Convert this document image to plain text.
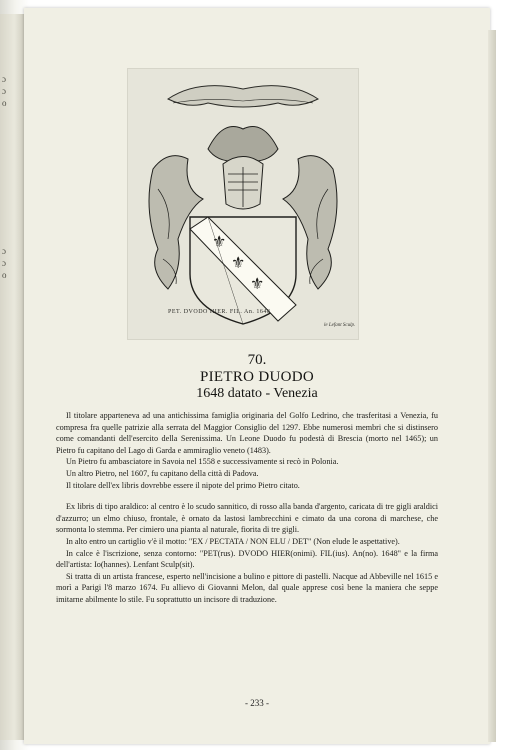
ɔ
ɔ
o
ɔ
ɔ
o
⚜
⚜
⚜
PET. DVODO HIER. FIL. An. 1648
le Lefant Sculp.
70.
PIETRO DUODO
1648 datato - Venezia

Il titolare apparteneva ad una antichissima famiglia originaria del Golfo Ledrino, che trasferitasi a Venezia, fu compresa fra quelle patrizie alla serrata del Maggior Consiglio del 1297. Ebbe numerosi membri che si distinsero come comandanti dell'esercito della Serenissima. Un Leone Duodo fu podestà di Brescia (morto nel 1465); un Pietro fu capitano del Lago di Garda e ammiraglio veneto (1483).

Un Pietro fu ambasciatore in Savoia nel 1558 e successivamente si recò in Polonia.

Un altro Pietro, nel 1607, fu capitano della città di Padova.

Il titolare dell'ex libris dovrebbe essere il nipote del primo Pietro citato.

Ex libris di tipo araldico: al centro è lo scudo sannitico, di rosso alla banda d'argento, caricata di tre gigli araldici d'azzurro; un elmo chiuso, frontale, è ornato da lastosi lambrecchini e cimato da una corona di marchese, che sormonta lo stemma. Per cimiero una pianta al naturale, fiorita di tre gigli.

In alto entro un cartiglio v'è il motto: "EX / PECTATA / NON ELU / DET" (Non elude le aspettative).

In calce è l'iscrizione, senza contorno: "PET(rus). DVODO HIER(onimi). FIL(ius). An(no). 1648" e la firma dell'artista: Io(hannes). Lenfant Sculp(sit).

Si tratta di un artista francese, esperto nell'incisione a bulino e pittore di pastelli. Nacque ad Abbeville nel 1615 e morì a Parigi l'8 marzo 1674. Fu allievo di Giovanni Melon, dal quale apprese così bene la maniera che seppe imitarne abilmente lo stile. Fu soprattutto un incisore di traduzione.

- 233 -
